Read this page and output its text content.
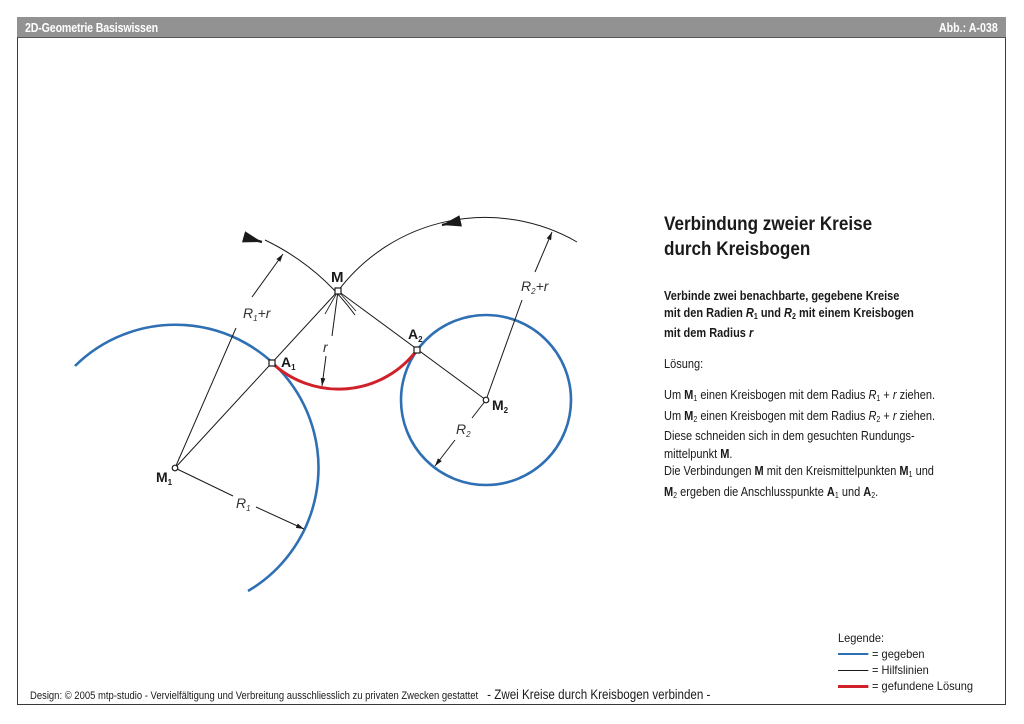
2D-Geometrie Basiswissen	Abb.: A-038
M
$M_1$
$M_2$
$A_1$
$A_2$
$R_1+r$
$R_2+r$
r
$R_1$
$R_2$
Verbindung zweier Kreise
durch Kreisbogen
Verbinde zwei benachbarte, gegebene Kreise
mit den Radien $R_1$ und $R_2$ mit einem Kreisbogen
mit dem Radius r
Lösung:
Um $M_1$ einen Kreisbogen mit dem Radius $R_1 + r$ ziehen.
Um $M_2$ einen Kreisbogen mit dem Radius $R_2 + r$ ziehen.
Diese schneiden sich in dem gesuchten Rundungs-
mittelpunkt M.
Die Verbindungen M mit den Kreismittelpunkten $M_1$ und
$M_2$ ergeben die Anschlusspunkte $A_1$ und $A_2$.
Legende:
= gegeben
= Hilfslinien
= gefundene Lösung
Design: © 2005 mtp-studio - Vervielfältigung und Verbreitung ausschliesslich zu privaten Zwecken gestattet - Zwei Kreise durch Kreisbogen verbinden -
